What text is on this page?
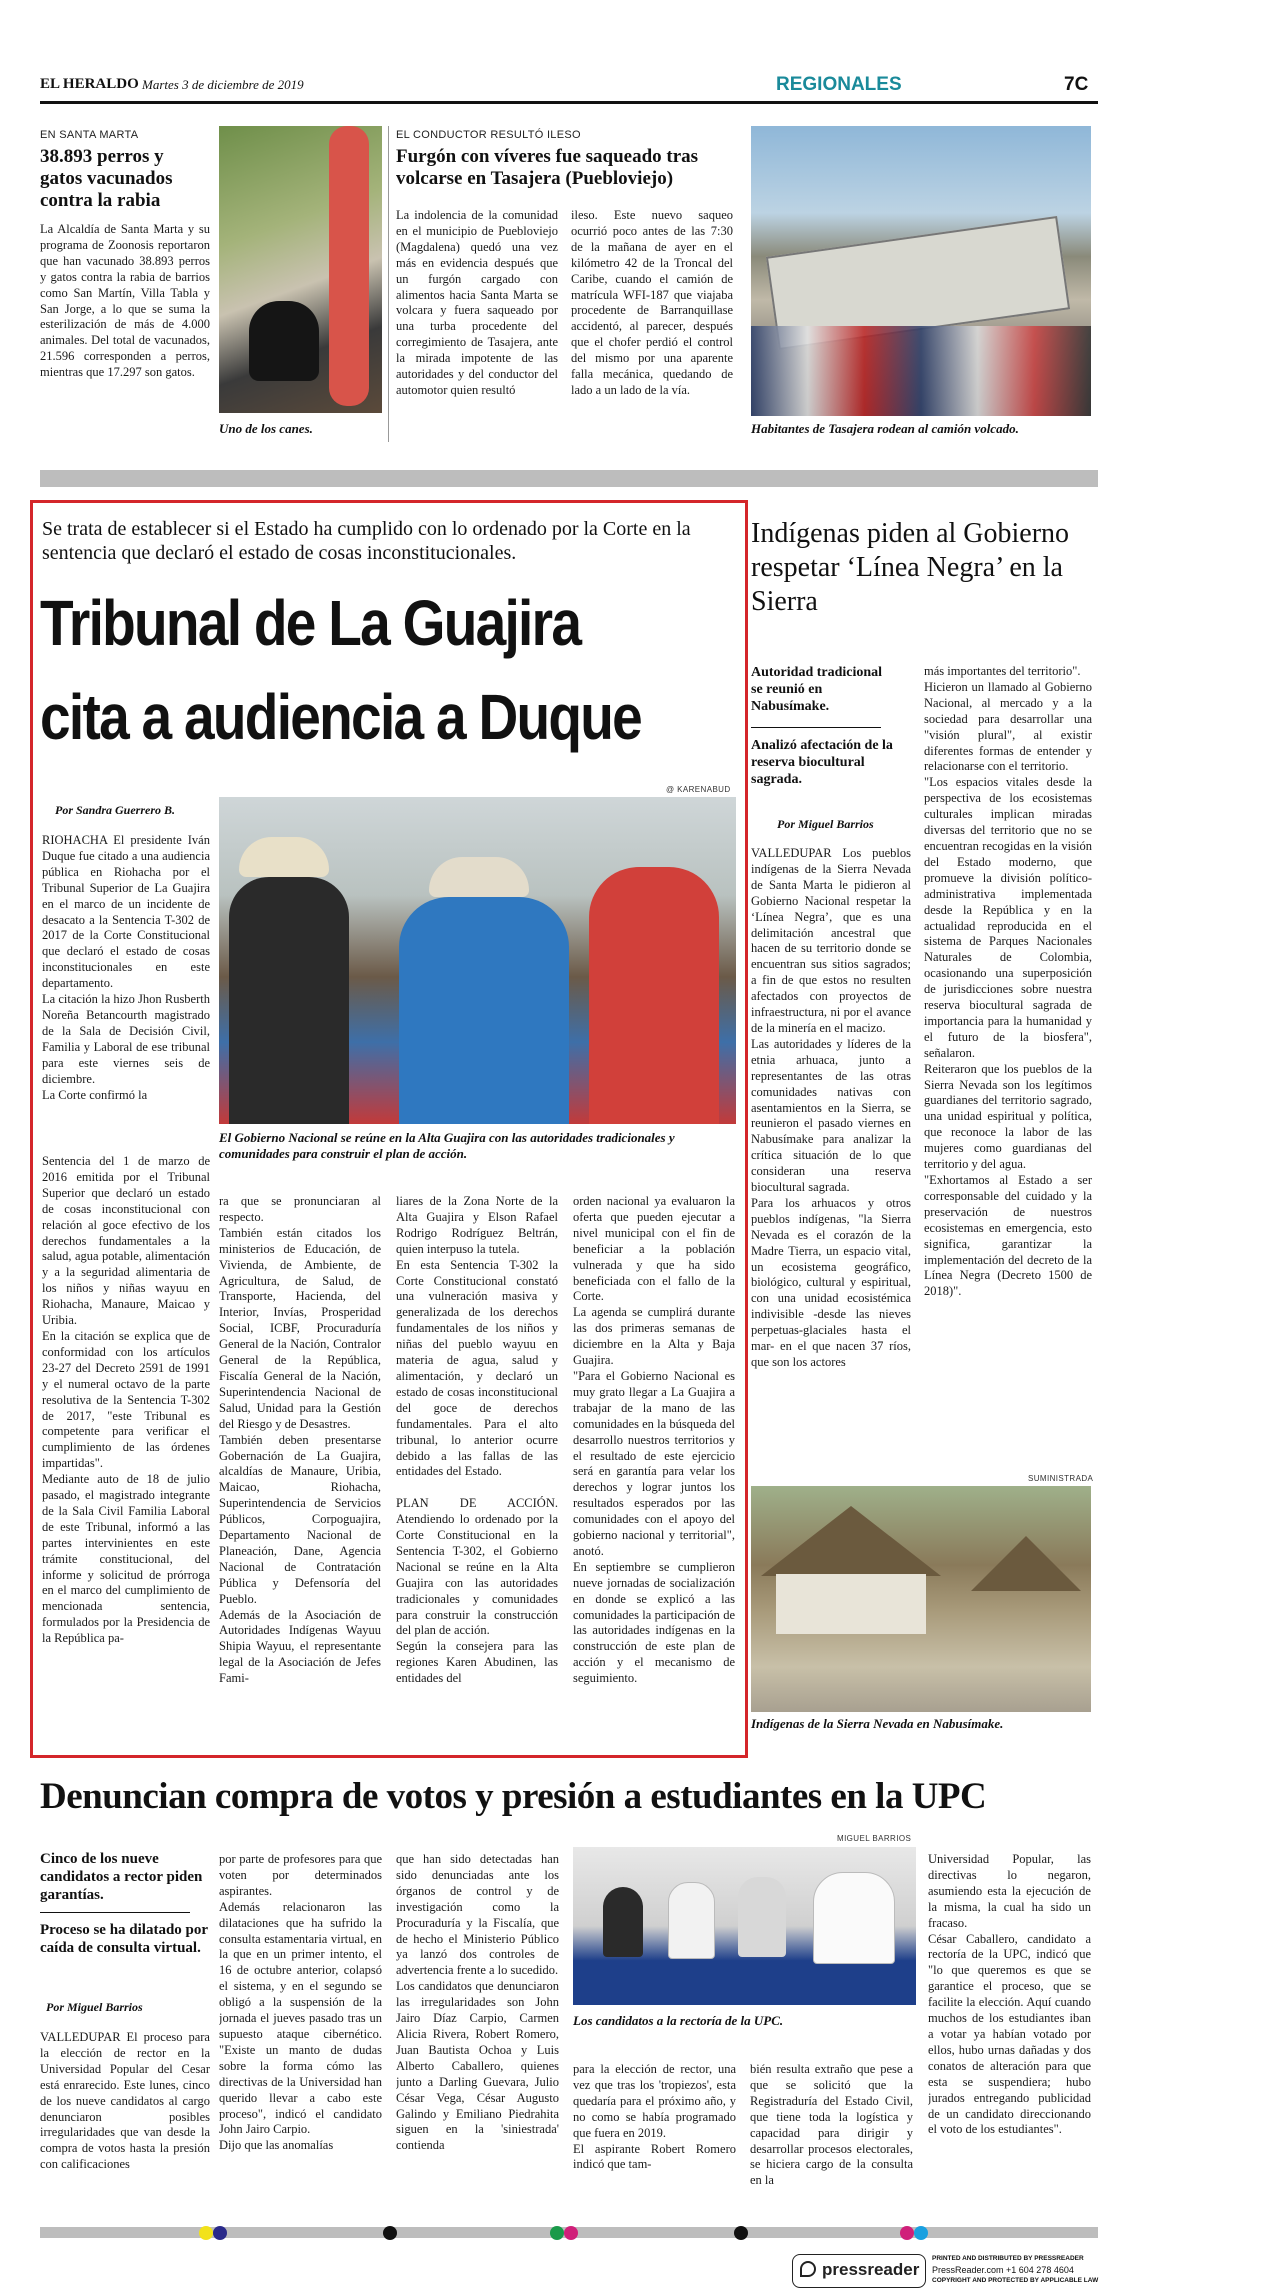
EL HERALDO Martes 3 de diciembre de 2019	REGIONALES	7C
EN SANTA MARTA
38.893 perros y gatos vacunados contra la rabia
La Alcaldía de Santa Marta y su programa de Zoonosis reportaron que han vacunado 38.893 perros y gatos contra la rabia de barrios como San Martín, Villa Tabla y San Jorge, a lo que se suma la esterilización de más de 4.000 animales. Del total de vacunados, 21.596 corresponden a perros, mientras que 17.297 son gatos.
Uno de los canes.
EL CONDUCTOR RESULTÓ ILESO
Furgón con víveres fue saqueado tras volcarse en Tasajera (Puebloviejo)
La indolencia de la comunidad en el municipio de Puebloviejo (Magdalena) quedó una vez más en evidencia después que un furgón cargado con alimentos hacia Santa Marta se volcara y fuera saqueado por una turba procedente del corregimiento de Tasajera, ante la mirada impotente de las autoridades y del conductor del automotor quien resultó
ileso. Este nuevo saqueo ocurrió poco antes de las 7:30 de la mañana de ayer en el kilómetro 42 de la Troncal del Caribe, cuando el camión de matrícula WFI-187 que viajaba procedente de Barranquillase accidentó, al parecer, después que el chofer perdió el control del mismo por una aparente falla mecánica, quedando de lado a un lado de la vía.
Habitantes de Tasajera rodean al camión volcado.
Se trata de establecer si el Estado ha cumplido con lo ordenado por la Corte en la sentencia que declaró el estado de cosas inconstitucionales.
Tribunal de La Guajira
cita a audiencia a Duque
@ KARENABUD
Por Sandra Guerrero B.
El Gobierno Nacional se reúne en la Alta Guajira con las autoridades tradicionales y comunidades para construir el plan de acción.
RIOHACHA El presidente Iván Duque fue citado a una audiencia pública en Riohacha por el Tribunal Superior de La Guajira en el marco de un incidente de desacato a la Sentencia T-302 de 2017 de la Corte Constitucional que declaró el estado de cosas inconstitucionales en este departamento.
La citación la hizo Jhon Rusberth Noreña Betancourth magistrado de la Sala de Decisión Civil, Familia y Laboral de ese tribunal para este viernes seis de diciembre.
La Corte confirmó la
Sentencia del 1 de marzo de 2016 emitida por el Tribunal Superior que declaró un estado de cosas inconstitucional con relación al goce efectivo de los derechos fundamentales a la salud, agua potable, alimentación y a la seguridad alimentaria de los niños y niñas wayuu en Riohacha, Manaure, Maicao y Uribia.
En la citación se explica que de conformidad con los artículos 23-27 del Decreto 2591 de 1991 y el numeral octavo de la parte resolutiva de la Sentencia T-302 de 2017, "este Tribunal es competente para verificar el cumplimiento de las órdenes impartidas".
Mediante auto de 18 de julio pasado, el magistrado integrante de la Sala Civil Familia Laboral de este Tribunal, informó a las partes intervinientes en este trámite constitucional, del informe y solicitud de prórroga en el marco del cumplimiento de mencionada sentencia, formulados por la Presidencia de la República pa-
ra que se pronunciaran al respecto.
También están citados los ministerios de Educación, de Vivienda, de Ambiente, de Agricultura, de Salud, de Transporte, Hacienda, del Interior, Invías, Prosperidad Social, ICBF, Procuraduría General de la Nación, Contralor General de la República, Fiscalía General de la Nación, Superintendencia Nacional de Salud, Unidad para la Gestión del Riesgo y de Desastres.
También deben presentarse Gobernación de La Guajira, alcaldías de Manaure, Uribia, Maicao, Riohacha, Superintendencia de Servicios Públicos, Corpoguajira, Departamento Nacional de Planeación, Dane, Agencia Nacional de Contratación Pública y Defensoría del Pueblo.
Además de la Asociación de Autoridades Indígenas Wayuu Shipia Wayuu, el representante legal de la Asociación de Jefes Fami-
liares de la Zona Norte de la Alta Guajira y Elson Rafael Rodrigo Rodríguez Beltrán, quien interpuso la tutela.
En esta Sentencia T-302 la Corte Constitucional constató una vulneración masiva y generalizada de los derechos fundamentales de los niños y niñas del pueblo wayuu en materia de agua, salud y alimentación, y declaró un estado de cosas inconstitucional del goce de derechos fundamentales. Para el alto tribunal, lo anterior ocurre debido a las fallas de las entidades del Estado.

PLAN DE ACCIÓN. Atendiendo lo ordenado por la Corte Constitucional en la Sentencia T-302, el Gobierno Nacional se reúne en la Alta Guajira con las autoridades tradicionales y comunidades para construir la construcción del plan de acción.
Según la consejera para las regiones Karen Abudinen, las entidades del
orden nacional ya evaluaron la oferta que pueden ejecutar a nivel municipal con el fin de beneficiar a la población vulnerada y que ha sido beneficiada con el fallo de la Corte.
La agenda se cumplirá durante las dos primeras semanas de diciembre en la Alta y Baja Guajira.
"Para el Gobierno Nacional es muy grato llegar a La Guajira a trabajar de la mano de las comunidades en la búsqueda del desarrollo nuestros territorios y el resultado de este ejercicio será en garantía para velar los derechos y lograr juntos los resultados esperados por las comunidades con el apoyo del gobierno nacional y territorial", anotó.
En septiembre se cumplieron nueve jornadas de socialización en donde se explicó a las comunidades la participación de las autoridades indígenas en la construcción de este plan de acción y el mecanismo de seguimiento.
Indígenas piden al Gobierno respetar ‘Línea Negra’ en la Sierra
Autoridad tradicional se reunió en Nabusímake.
Analizó afectación de la reserva biocultural sagrada.
Por Miguel Barrios
VALLEDUPAR Los pueblos indígenas de la Sierra Nevada de Santa Marta le pidieron al Gobierno Nacional respetar la ‘Línea Negra’, que es una delimitación ancestral que hacen de su territorio donde se encuentran sus sitios sagrados; a fin de que estos no resulten afectados con proyectos de infraestructura, ni por el avance de la minería en el macizo.
Las autoridades y líderes de la etnia arhuaca, junto a representantes de las otras comunidades nativas con asentamientos en la Sierra, se reunieron el pasado viernes en Nabusímake para analizar la crítica situación de lo que consideran una reserva biocultural sagrada.
Para los arhuacos y otros pueblos indígenas, "la Sierra Nevada es el corazón de la Madre Tierra, un espacio vital, un ecosistema geográfico, biológico, cultural y espiritual, con una unidad ecosistémica indivisible -desde las nieves perpetuas-glaciales hasta el mar- en el que nacen 37 ríos, que son los actores
más importantes del territorio".
Hicieron un llamado al Gobierno Nacional, al mercado y a la sociedad para desarrollar una "visión plural", al existir diferentes formas de entender y relacionarse con el territorio.
"Los espacios vitales desde la perspectiva de los ecosistemas culturales implican miradas diversas del territorio que no se encuentran recogidas en la visión del Estado moderno, que promueve la división político-administrativa implementada desde la República y en la actualidad reproducida en el sistema de Parques Nacionales Naturales de Colombia, ocasionando una superposición de jurisdicciones sobre nuestra reserva biocultural sagrada de importancia para la humanidad y el futuro de la biosfera", señalaron.
Reiteraron que los pueblos de la Sierra Nevada son los legítimos guardianes del territorio sagrado, una unidad espiritual y política, que reconoce la labor de las mujeres como guardianas del territorio y del agua.
"Exhortamos al Estado a ser corresponsable del cuidado y la preservación de nuestros ecosistemas en emergencia, esto significa, garantizar la implementación del decreto de la Línea Negra (Decreto 1500 de 2018)".
SUMINISTRADA
Indígenas de la Sierra Nevada en Nabusímake.
Denuncian compra de votos y presión a estudiantes en la UPC
MIGUEL BARRIOS
Cinco de los nueve candidatos a rector piden garantías.
Proceso se ha dilatado por caída de consulta virtual.
Por Miguel Barrios
VALLEDUPAR El proceso para la elección de rector en la Universidad Popular del Cesar está enrarecido. Este lunes, cinco de los nueve candidatos al cargo denunciaron posibles irregularidades que van desde la compra de votos hasta la presión con calificaciones
por parte de profesores para que voten por determinados aspirantes.
Además relacionaron las dilataciones que ha sufrido la consulta estamentaria virtual, en la que en un primer intento, el 16 de octubre anterior, colapsó el sistema, y en el segundo se obligó a la suspensión de la jornada el jueves pasado tras un supuesto ataque cibernético. "Existe un manto de dudas sobre la forma cómo las directivas de la Universidad han querido llevar a cabo este proceso", indicó el candidato John Jairo Carpio.
Dijo que las anomalías
que han sido detectadas han sido denunciadas ante los órganos de control y de investigación como la Procuraduría y la Fiscalía, que de hecho el Ministerio Público ya lanzó dos controles de advertencia frente a lo sucedido.
Los candidatos que denunciaron las irregularidades son John Jairo Díaz Carpio, Carmen Alicia Rivera, Robert Romero, Juan Bautista Ochoa y Luis Alberto Caballero, quienes junto a Darling Guevara, Julio César Vega, César Augusto Galindo y Emiliano Piedrahita siguen en la 'siniestrada' contienda
Los candidatos a la rectoría de la UPC.
para la elección de rector, una vez que tras los 'tropiezos', esta quedaría para el próximo año, y no como se había programado que fuera en 2019.
El aspirante Robert Romero indicó que tam-
bién resulta extraño que pese a que se solicitó que la Registraduría del Estado Civil, que tiene toda la logística y capacidad para dirigir y desarrollar procesos electorales, se hiciera cargo de la consulta en la
Universidad Popular, las directivas lo negaron, asumiendo esta la ejecución de la misma, la cual ha sido un fracaso.
César Caballero, candidato a rectoría de la UPC, indicó que "lo que queremos es que se garantice el proceso, que se facilite la elección. Aquí cuando muchos de los estudiantes iban a votar ya habían votado por ellos, hubo urnas dañadas y dos conatos de alteración para que esta se suspendiera; hubo jurados entregando publicidad de un candidato direccionando el voto de los estudiantes".
pressreader
PRINTED AND DISTRIBUTED BY PRESSREADER
PressReader.com +1 604 278 4604
COPYRIGHT AND PROTECTED BY APPLICABLE LAW
